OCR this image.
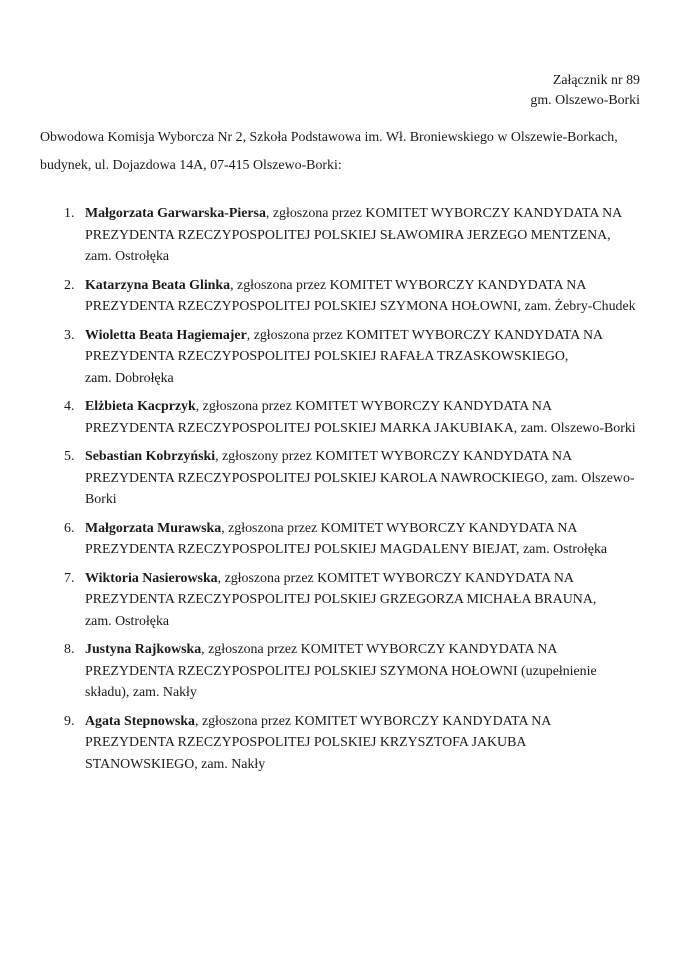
Załącznik nr 89
gm. Olszewo-Borki

Obwodowa Komisja Wyborcza Nr 2, Szkoła Podstawowa im. Wł. Broniewskiego w Olszewie-Borkach, budynek, ul. Dojazdowa 14A, 07-415 Olszewo-Borki:

1. Małgorzata Garwarska-Piersa, zgłoszona przez KOMITET WYBORCZY KANDYDATA NA
PREZYDENTA RZECZYPOSPOLITEJ POLSKIEJ SŁAWOMIRA JERZEGO MENTZENA,
zam. Ostrołęka
2. Katarzyna Beata Glinka, zgłoszona przez KOMITET WYBORCZY KANDYDATA NA
PREZYDENTA RZECZYPOSPOLITEJ POLSKIEJ SZYMONA HOŁOWNI, zam. Żebry-Chudek
3. Wioletta Beata Hagiemajer, zgłoszona przez KOMITET WYBORCZY KANDYDATA NA
PREZYDENTA RZECZYPOSPOLITEJ POLSKIEJ RAFAŁA TRZASKOWSKIEGO,
zam. Dobrołęka
4. Elżbieta Kacprzyk, zgłoszona przez KOMITET WYBORCZY KANDYDATA NA
PREZYDENTA RZECZYPOSPOLITEJ POLSKIEJ MARKA JAKUBIAKA, zam. Olszewo-Borki
5. Sebastian Kobrzyński, zgłoszony przez KOMITET WYBORCZY KANDYDATA NA
PREZYDENTA RZECZYPOSPOLITEJ POLSKIEJ KAROLA NAWROCKIEGO, zam. Olszewo-
Borki
6. Małgorzata Murawska, zgłoszona przez KOMITET WYBORCZY KANDYDATA NA
PREZYDENTA RZECZYPOSPOLITEJ POLSKIEJ MAGDALENY BIEJAT, zam. Ostrołęka
7. Wiktoria Nasierowska, zgłoszona przez KOMITET WYBORCZY KANDYDATA NA
PREZYDENTA RZECZYPOSPOLITEJ POLSKIEJ GRZEGORZA MICHAŁA BRAUNA,
zam. Ostrołęka
8. Justyna Rajkowska, zgłoszona przez KOMITET WYBORCZY KANDYDATA NA
PREZYDENTA RZECZYPOSPOLITEJ POLSKIEJ SZYMONA HOŁOWNI (uzupełnienie
składu), zam. Nakły
9. Agata Stepnowska, zgłoszona przez KOMITET WYBORCZY KANDYDATA NA
PREZYDENTA RZECZYPOSPOLITEJ POLSKIEJ KRZYSZTOFA JAKUBA
STANOWSKIEGO, zam. Nakły
